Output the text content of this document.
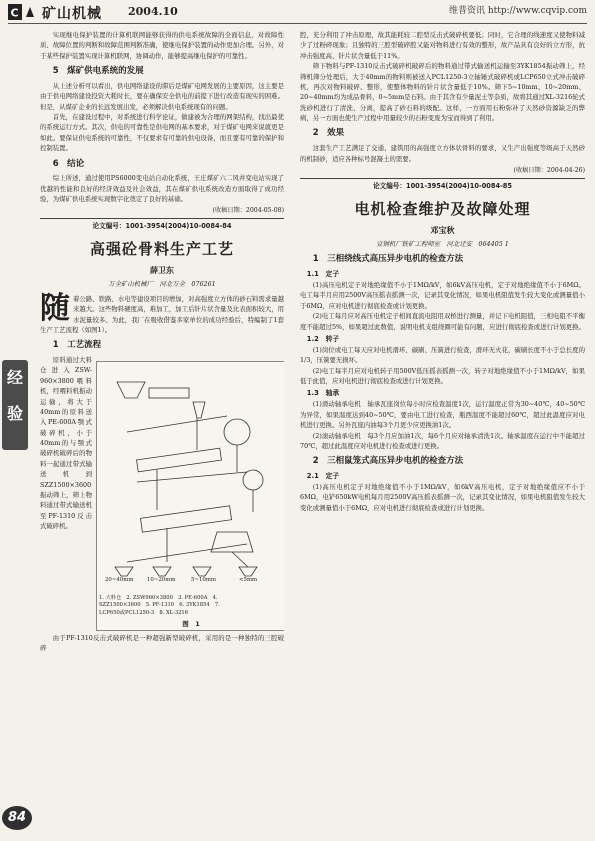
C 矿山机械 2004.10	维普资讯 http://www.cqvip.com
经
验
84

实现继电保护装置的计算机联网能够获得的供电系统故障的全面信息，对故障性质、故障位置的判断和故障范围判断准确，使继电保护装置的动作更加合理。另外，对于某些保护装置实现计算机联网，协调动作，能够提高继电保护的可靠性。

5　煤矿供电系统的发展

从上述分析可以看出，供电网络建设的滞后是煤矿电网发展的主要原因，这主要是由于供电网络建设投资大耗时长，要在确保安全供电的前提下进行改造有现实的困难。但是，从煤矿企业的长远发展出发，必须解决供电系统现有的问题。

首先，在建设过程中，对系统进行科学论证，做建被为合理的网架结构，找出最优的系统运行方式。其次，供电的可靠性是供电网的基本要求，对于煤矿电网来说就更是如此。要保证供电系统的可靠性，不仅要求有可靠的供电设备，而且要有可靠的保护和控制装置。

6　结论

综上所述，通过使用PS6000变电站自动化系统，王庄煤矿六二风井变电站实现了优越的性能和良好的经济效益及社会效益，其在煤矿供电系统改造方面取得了成功经验，为煤矿供电系统实现数字化奠定了良好的基础。

(收稿日期：2004-05-08)
论文编号：1001-3954(2004)10-0084-84
高强砼骨料生产工艺
薛卫东
万全矿山机械厂　河北万全　076261

随着公路、铁路、水电等建设项目的增加，对高强度立方体的砂石料需求量越来越大。这些物料硬度高，难加工，加工后针片状含量及比表面积较大，用水泥量较多。为此，我厂在吸收借鉴多家单位的成功经验后，特编制了1套生产工艺流程（如图1）。

1　工艺流程

原料通过大料仓进入ZSW-960×3800喂料机，经喂料机振动运输，将大于40mm的原料送入PE-600A颚式破碎机，小于40mm的与颚式破碎机破碎后的物料一起通过带式输送机到SZZ1500×3600振动筛上，筛上物料通过带式输送机至PF-1310反击式破碎机。

20~40mm	10~20mm	5~10mm	<5mm
1. 大料仓　2. ZSW960×3800　3. PE-600A　4.
SZZ1500×3600　5. PF-1310　6. 3YK1854　7.
LCP650或PCL1250-3　8. XL-3216
图　1

由于PF-1310反击式破碎机是一种超强新型破碎机，采用的是一种独特的三腔破碎

腔，充分利用了冲击原理，故其能耗较二腔型反击式破碎机要低；同时，它合理的线速度又使物料减少了过粉碎现象；且独特的三腔型破碎腔又能对物料进行有效的整形，故产品具有良好的立方形，抗冲击强度高、针片状含量低于11%。

筛下物料与PF-1310反击式破碎机破碎后的物料通过带式输送机运输至3YK1854振动筛上，经筛机筛分处理后，大于40mm的物料则被送入PCL1250-3立轴锤式破碎机或LCP650立式冲击破碎机，再次对物料破碎、整形，使整体物料的针片状含量低于10%。筛下5~10mm、10~20mm、20~40mm均为成品骨料，0~5mm是石料。由于其含有少量泥土等杂质，故将其通过XL-3216轮式洗砂机进行了清洗、分离，提高了砂石料的级配。这样，一方面用石粉弥补了天然砂资源缺乏的弊病，另一方面也使生产过程中用量较少的石粉变废为宝而得到了利用。

2　效果

这套生产工艺满足了交通、建筑用的高强度立方体状骨料的要求，又生产出强度等级高于天然砂的机制砂，适应各种标号混凝土的需要。

(收稿日期：2004-04-26)
论文编号：1001-3954(2004)10-0084-85
电机检查维护及故障处理
邓宝秋
宣钢机厂铁矿工程师室　河北迁安　064405 1
1　三相绕线式高压异步电机的检查方法
1.1　定子

(1)高压电机定子对地绝缘值不小于1MΩ/kV，如6kV高压电机，定子对地绝缘值不小于6MΩ。电工每半月应用2500V高压摇表摇测一次，记录其变化情况，如果电机阻值发生较大变化或测量值小于6MΩ，应对电机进行彻底检查或计划更换。

(2)电工每月应对高压电机定子相间直流电阻用双桥进行测量，并记下电机阻值，三相电阻不平衡度不能超过5%，如果超过此数值，说明电机支组绕圈可能有问题，应进行彻底检查或进行计划更换。

1.2　转子

(1)岗位或电工每天应对电机滑环、碳刷、压簧进行检查，滑环无火花，碳刷长度不小于总长度的1/3，压簧要无损坏。

(2)电工每半月应对电机转子用500V低压摇表摇测一次，转子对地绝缘值不小于1MΩ/kV，如果低于此值，应对电机进行彻底检查或进行计划更换。

1.3　轴承

(1)滑动轴承电机　轴承瓦座岗位每小时应检查温度1次，运行温度正常为30~40℃，40~50℃为异常，如果温度达到40~50℃，要由电工进行检查，瓶西温度不能超过60℃，超过此温度应对电机进行更换。另外瓦座内油每3个月更少应更换油1次。

(2)滚动轴承电机　每3个月应加油1次，每6个月应对轴承清洗1次。轴承温度在运行中不能超过70℃，超过此温度应对电机进行检查或进行更换。

2　三相鼠笼式高压异步电机的检查方法
2.1　定子

(1)高压电机定子对地绝缘值不小于1MΩ/kV，如6kV高压电机，定子对地绝缘值应不小于6MΩ，电铲650kW电机每月用2500V高压摇表摇测一次，记录其变化情况，如果电机阻值发生较大变化或测量值小于6MΩ，应对电机进行彻底检查或进行计划更换。
